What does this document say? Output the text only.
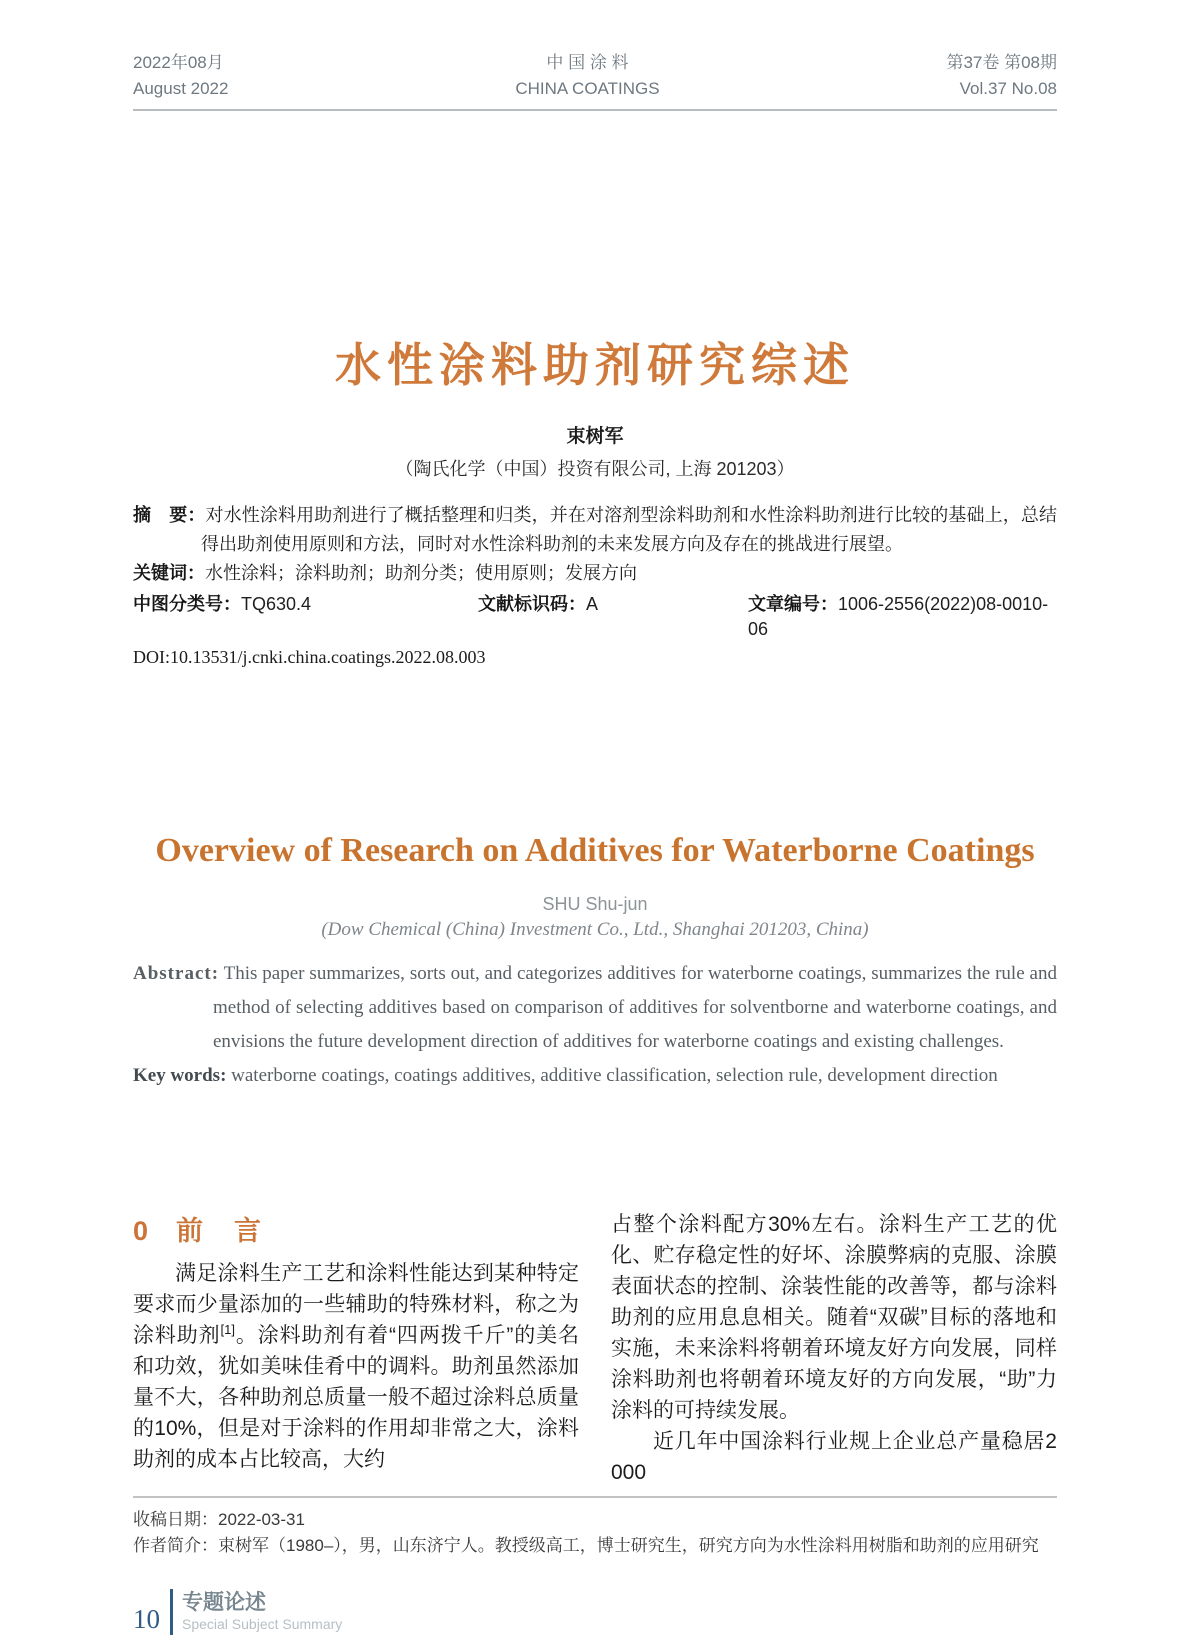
2022年08月
August 2022
中 国 涂 料
CHINA COATINGS
第37卷 第08期
Vol.37 No.08
水性涂料助剂研究综述
束树军
（陶氏化学（中国）投资有限公司, 上海 201203）

摘　要：对水性涂料用助剂进行了概括整理和归类，并在对溶剂型涂料助剂和水性涂料助剂进行比较的基础上，总结得出助剂使用原则和方法，同时对水性涂料助剂的未来发展方向及存在的挑战进行展望。

关键词：水性涂料；涂料助剂；助剂分类；使用原则；发展方向

中图分类号：TQ630.4	文献标识码：A	文章编号：1006-2556(2022)08-0010-06
DOI:10.13531/j.cnki.china.coatings.2022.08.003
Overview of Research on Additives for Waterborne Coatings
SHU Shu-jun
(Dow Chemical (China) Investment Co., Ltd., Shanghai 201203, China)

Abstract: This paper summarizes, sorts out, and categorizes additives for waterborne coatings, summarizes the rule and method of selecting additives based on comparison of additives for solventborne and waterborne coatings, and envisions the future development direction of additives for waterborne coatings and existing challenges.

Key words: waterborne coatings, coatings additives, additive classification, selection rule, development direction

0 前　言

满足涂料生产工艺和涂料性能达到某种特定要求而少量添加的一些辅助的特殊材料，称之为涂料助剂[1]。涂料助剂有着“四两拨千斤”的美名和功效，犹如美味佳肴中的调料。助剂虽然添加量不大，各种助剂总质量一般不超过涂料总质量的10%，但是对于涂料的作用却非常之大，涂料助剂的成本占比较高，大约

占整个涂料配方30%左右。涂料生产工艺的优化、贮存稳定性的好坏、涂膜弊病的克服、涂膜表面状态的控制、涂装性能的改善等，都与涂料助剂的应用息息相关。随着“双碳”目标的落地和实施，未来涂料将朝着环境友好方向发展，同样涂料助剂也将朝着环境友好的方向发展，“助”力涂料的可持续发展。

近几年中国涂料行业规上企业总产量稳居2 000

收稿日期：2022-03-31
作者简介：束树军（1980–），男，山东济宁人。教授级高工，博士研究生，研究方向为水性涂料用树脂和助剂的应用研究
10
专题论述
Special Subject Summary
